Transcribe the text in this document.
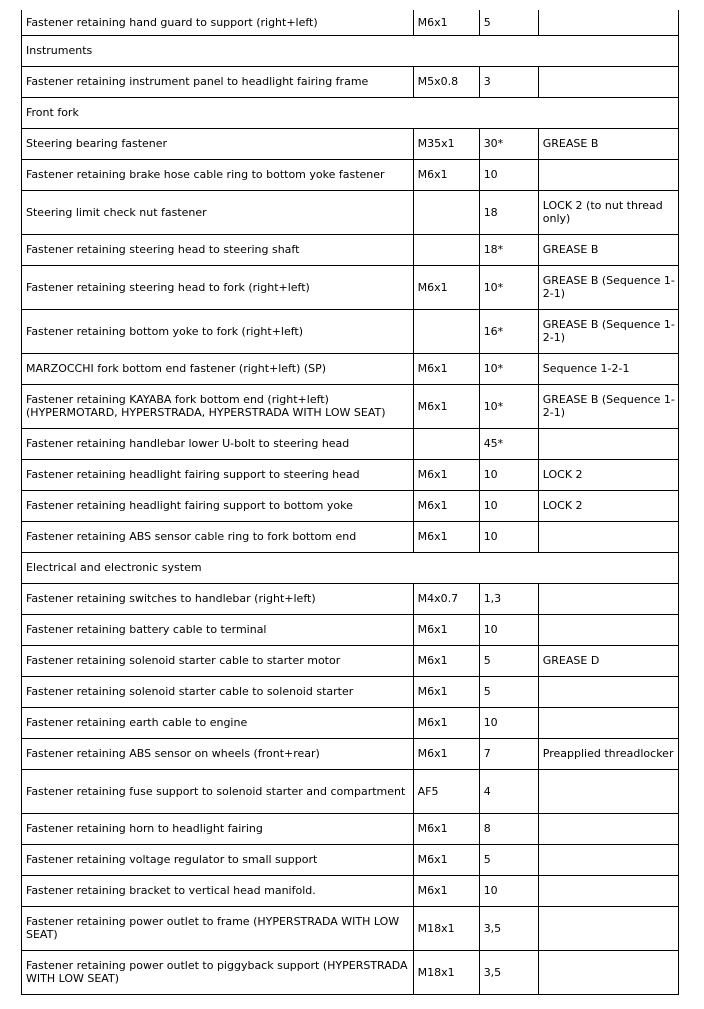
Fastener retaining hand guard to support (right+left)	M6x1	5	
Instruments			
Fastener retaining instrument panel to headlight fairing frame	M5x0.8	3	
Front fork			
Steering bearing fastener	M35x1	30*	GREASE B
Fastener retaining brake hose cable ring to bottom yoke fastener	M6x1	10	
Steering limit check nut fastener		18	LOCK 2 (to nut thread only)
Fastener retaining steering head to steering shaft		18*	GREASE B
Fastener retaining steering head to fork (right+left)	M6x1	10*	GREASE B (Sequence 1-2-1)
Fastener retaining bottom yoke to fork (right+left)		16*	GREASE B (Sequence 1-2-1)
MARZOCCHI fork bottom end fastener (right+left) (SP)	M6x1	10*	Sequence 1-2-1
Fastener retaining KAYABA fork bottom end (right+left) (HYPERMOTARD, HYPERSTRADA, HYPERSTRADA WITH LOW SEAT)	M6x1	10*	GREASE B (Sequence 1-2-1)
Fastener retaining handlebar lower U-bolt to steering head		45*	
Fastener retaining headlight fairing support to steering head	M6x1	10	LOCK 2
Fastener retaining headlight fairing support to bottom yoke	M6x1	10	LOCK 2
Fastener retaining ABS sensor cable ring to fork bottom end	M6x1	10	
Electrical and electronic system			
Fastener retaining switches to handlebar (right+left)	M4x0.7	1,3	
Fastener retaining battery cable to terminal	M6x1	10	
Fastener retaining solenoid starter cable to starter motor	M6x1	5	GREASE D
Fastener retaining solenoid starter cable to solenoid starter	M6x1	5	
Fastener retaining earth cable to engine	M6x1	10	
Fastener retaining ABS sensor on wheels (front+rear)	M6x1	7	Preapplied threadlocker
Fastener retaining fuse support to solenoid starter and compartment	AF5	4	
Fastener retaining horn to headlight fairing	M6x1	8	
Fastener retaining voltage regulator to small support	M6x1	5	
Fastener retaining bracket to vertical head manifold.	M6x1	10	
Fastener retaining power outlet to frame (HYPERSTRADA WITH LOW SEAT)	M18x1	3,5	
Fastener retaining power outlet to piggyback support (HYPERSTRADA WITH LOW SEAT)	M18x1	3,5	
